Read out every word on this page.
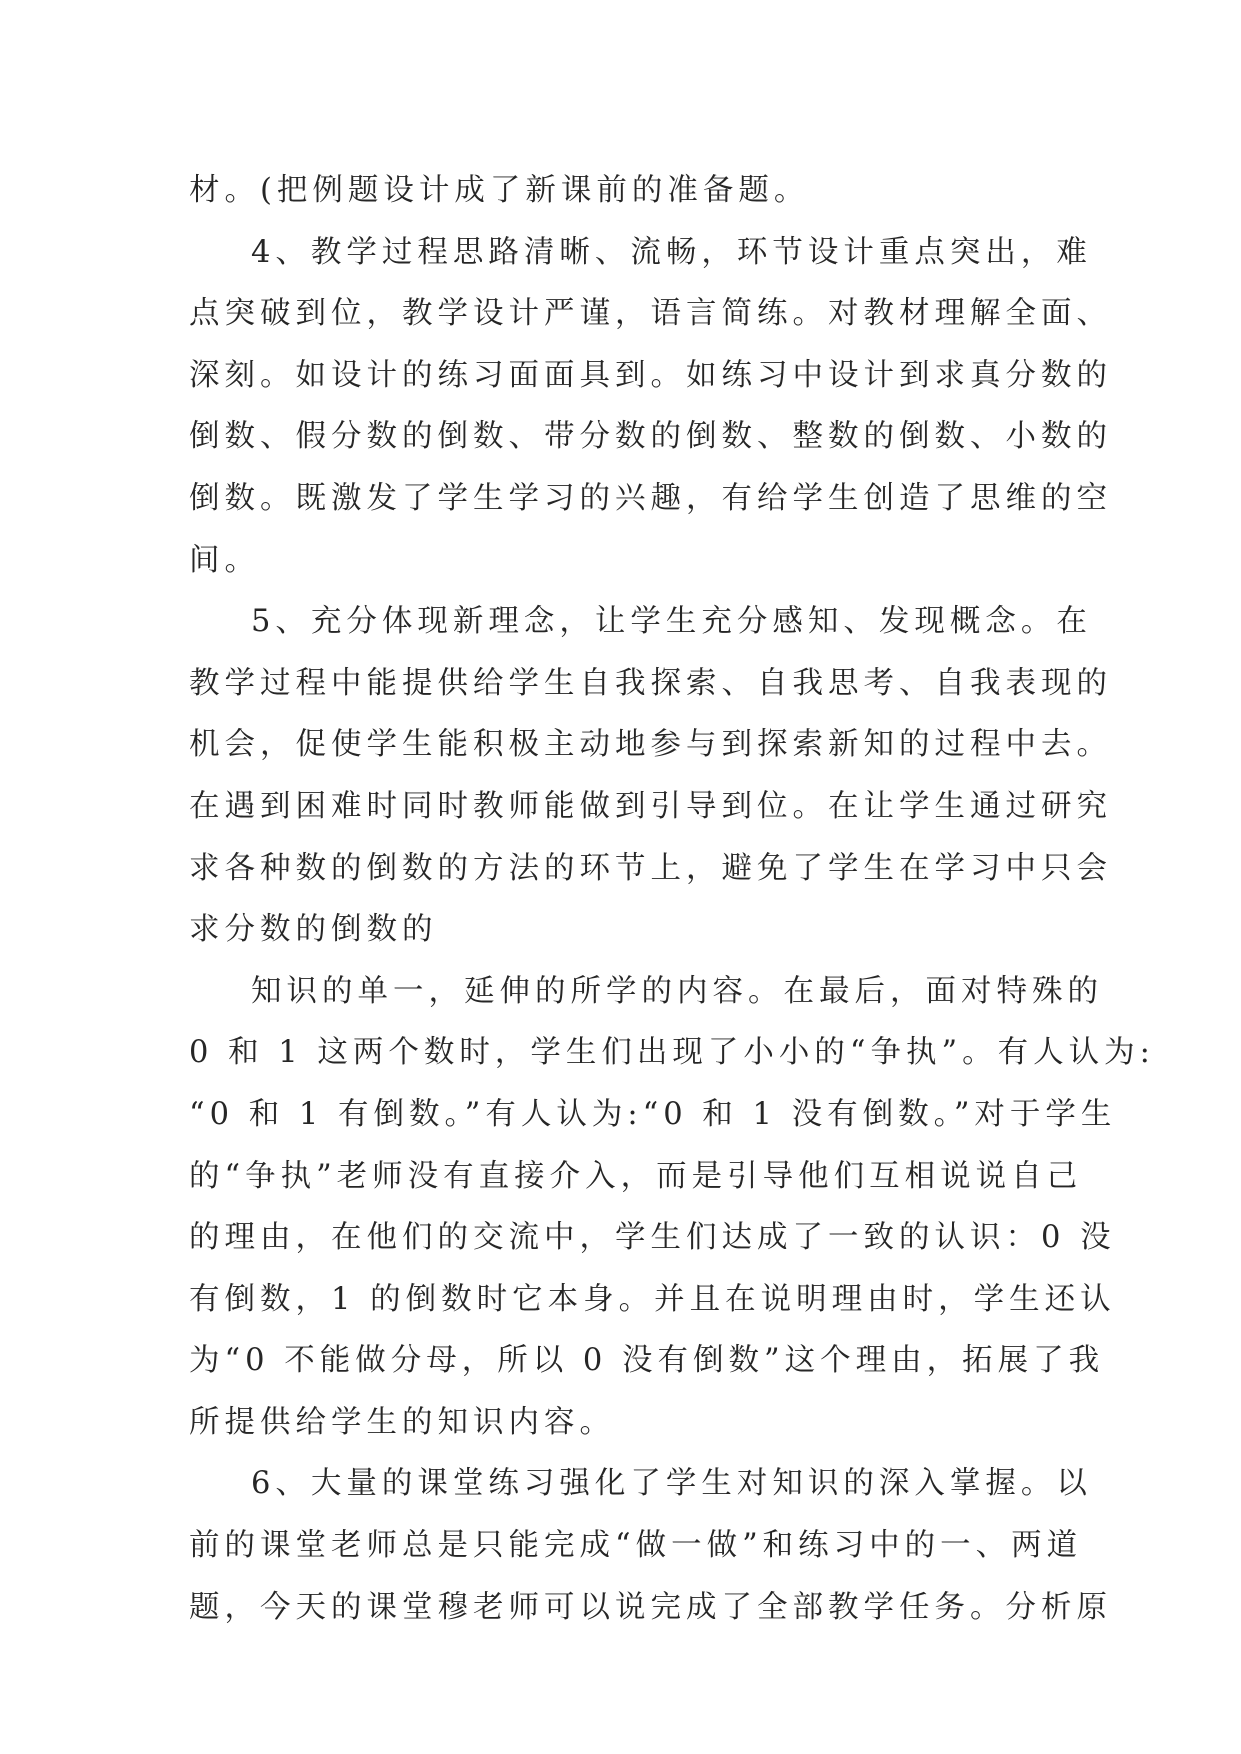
材。(把例题设计成了新课前的准备题。
4、教学过程思路清晰、流畅，环节设计重点突出，难
点突破到位，教学设计严谨，语言简练。对教材理解全面、
深刻。如设计的练习面面具到。如练习中设计到求真分数的
倒数、假分数的倒数、带分数的倒数、整数的倒数、小数的
倒数。既激发了学生学习的兴趣，有给学生创造了思维的空
间。
5、充分体现新理念，让学生充分感知、发现概念。在
教学过程中能提供给学生自我探索、自我思考、自我表现的
机会，促使学生能积极主动地参与到探索新知的过程中去。
在遇到困难时同时教师能做到引导到位。在让学生通过研究
求各种数的倒数的方法的环节上，避免了学生在学习中只会
求分数的倒数的
知识的单一，延伸的所学的内容。在最后，面对特殊的
0 和 1 这两个数时，学生们出现了小小的“争执”。有人认为:
“0 和 1 有倒数。”有人认为:“0 和 1 没有倒数。”对于学生
的“争执”老师没有直接介入，而是引导他们互相说说自己
的理由，在他们的交流中，学生们达成了一致的认识：0 没
有倒数，1 的倒数时它本身。并且在说明理由时，学生还认
为“0 不能做分母，所以 0 没有倒数”这个理由，拓展了我
所提供给学生的知识内容。
6、大量的课堂练习强化了学生对知识的深入掌握。以
前的课堂老师总是只能完成“做一做”和练习中的一、两道
题，今天的课堂穆老师可以说完成了全部教学任务。分析原
